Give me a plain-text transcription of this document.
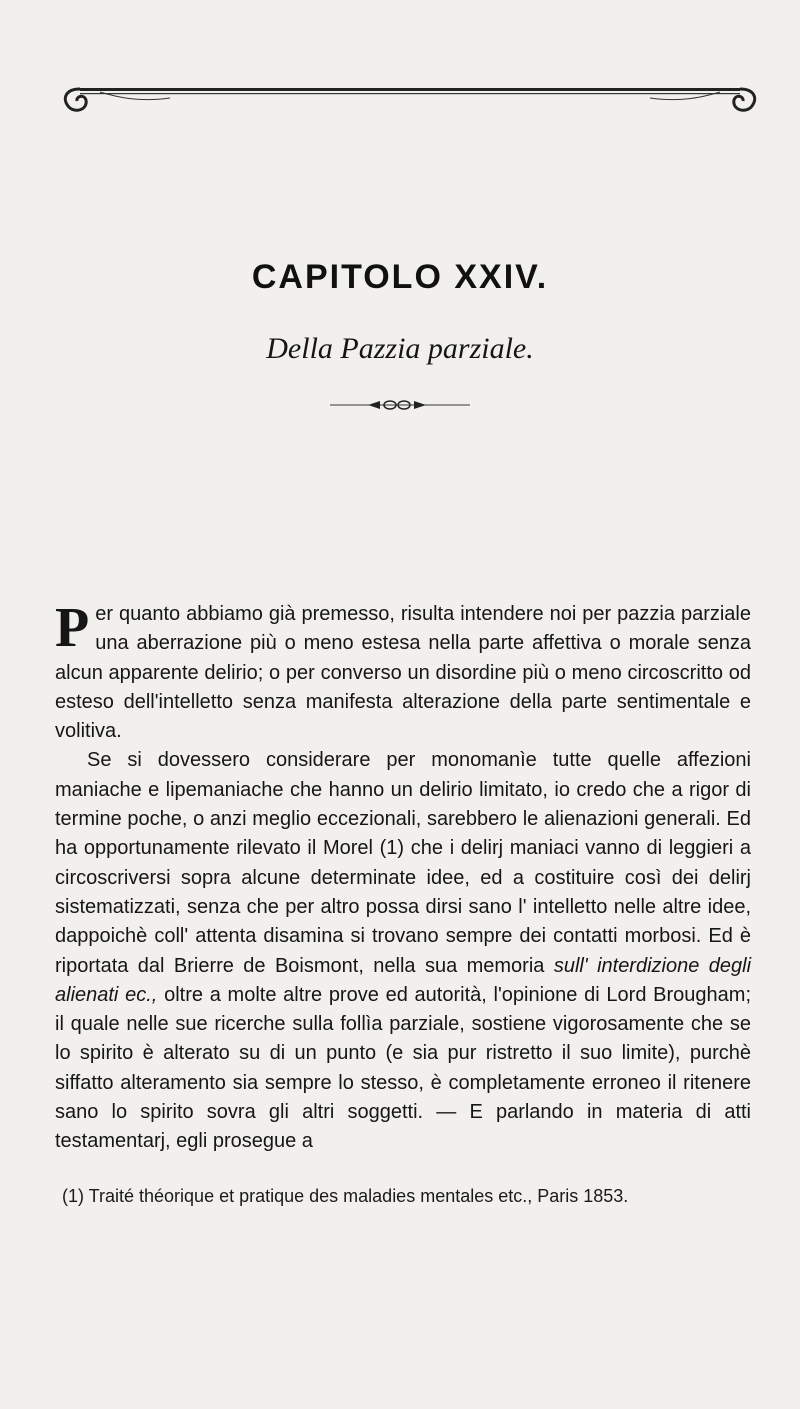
CAPITOLO XXIV.
Della Pazzia parziale.

Per quanto abbiamo già premesso, risulta intendere noi per pazzia parziale una aberrazione più o meno estesa nella parte affettiva o morale senza alcun apparente delirio; o per converso un disordine più o meno circoscritto od esteso dell'intelletto senza manifesta alterazione della parte sentimentale e volitiva.

Se si dovessero considerare per monomanìe tutte quelle affezioni maniache e lipemaniache che hanno un delirio limitato, io credo che a rigor di termine poche, o anzi meglio eccezionali, sarebbero le alienazioni generali. Ed ha opportunamente rilevato il Morel (1) che i delirj maniaci vanno di leggieri a circoscriversi sopra alcune determinate idee, ed a costituire così dei delirj sistematizzati, senza che per altro possa dirsi sano l' intelletto nelle altre idee, dappoichè coll' attenta disamina si trovano sempre dei contatti morbosi. Ed è riportata dal Brierre de Boismont, nella sua memoria sull' interdizione degli alienati ec., oltre a molte altre prove ed autorità, l'opinione di Lord Brougham; il quale nelle sue ricerche sulla follìa parziale, sostiene vigorosamente che se lo spirito è alterato su di un punto (e sia pur ristretto il suo limite), purchè siffatto alteramento sia sempre lo stesso, è completamente erroneo il ritenere sano lo spirito sovra gli altri soggetti. — E parlando in materia di atti testamentarj, egli prosegue a

(1) Traité théorique et pratique des maladies mentales etc., Paris 1853.
